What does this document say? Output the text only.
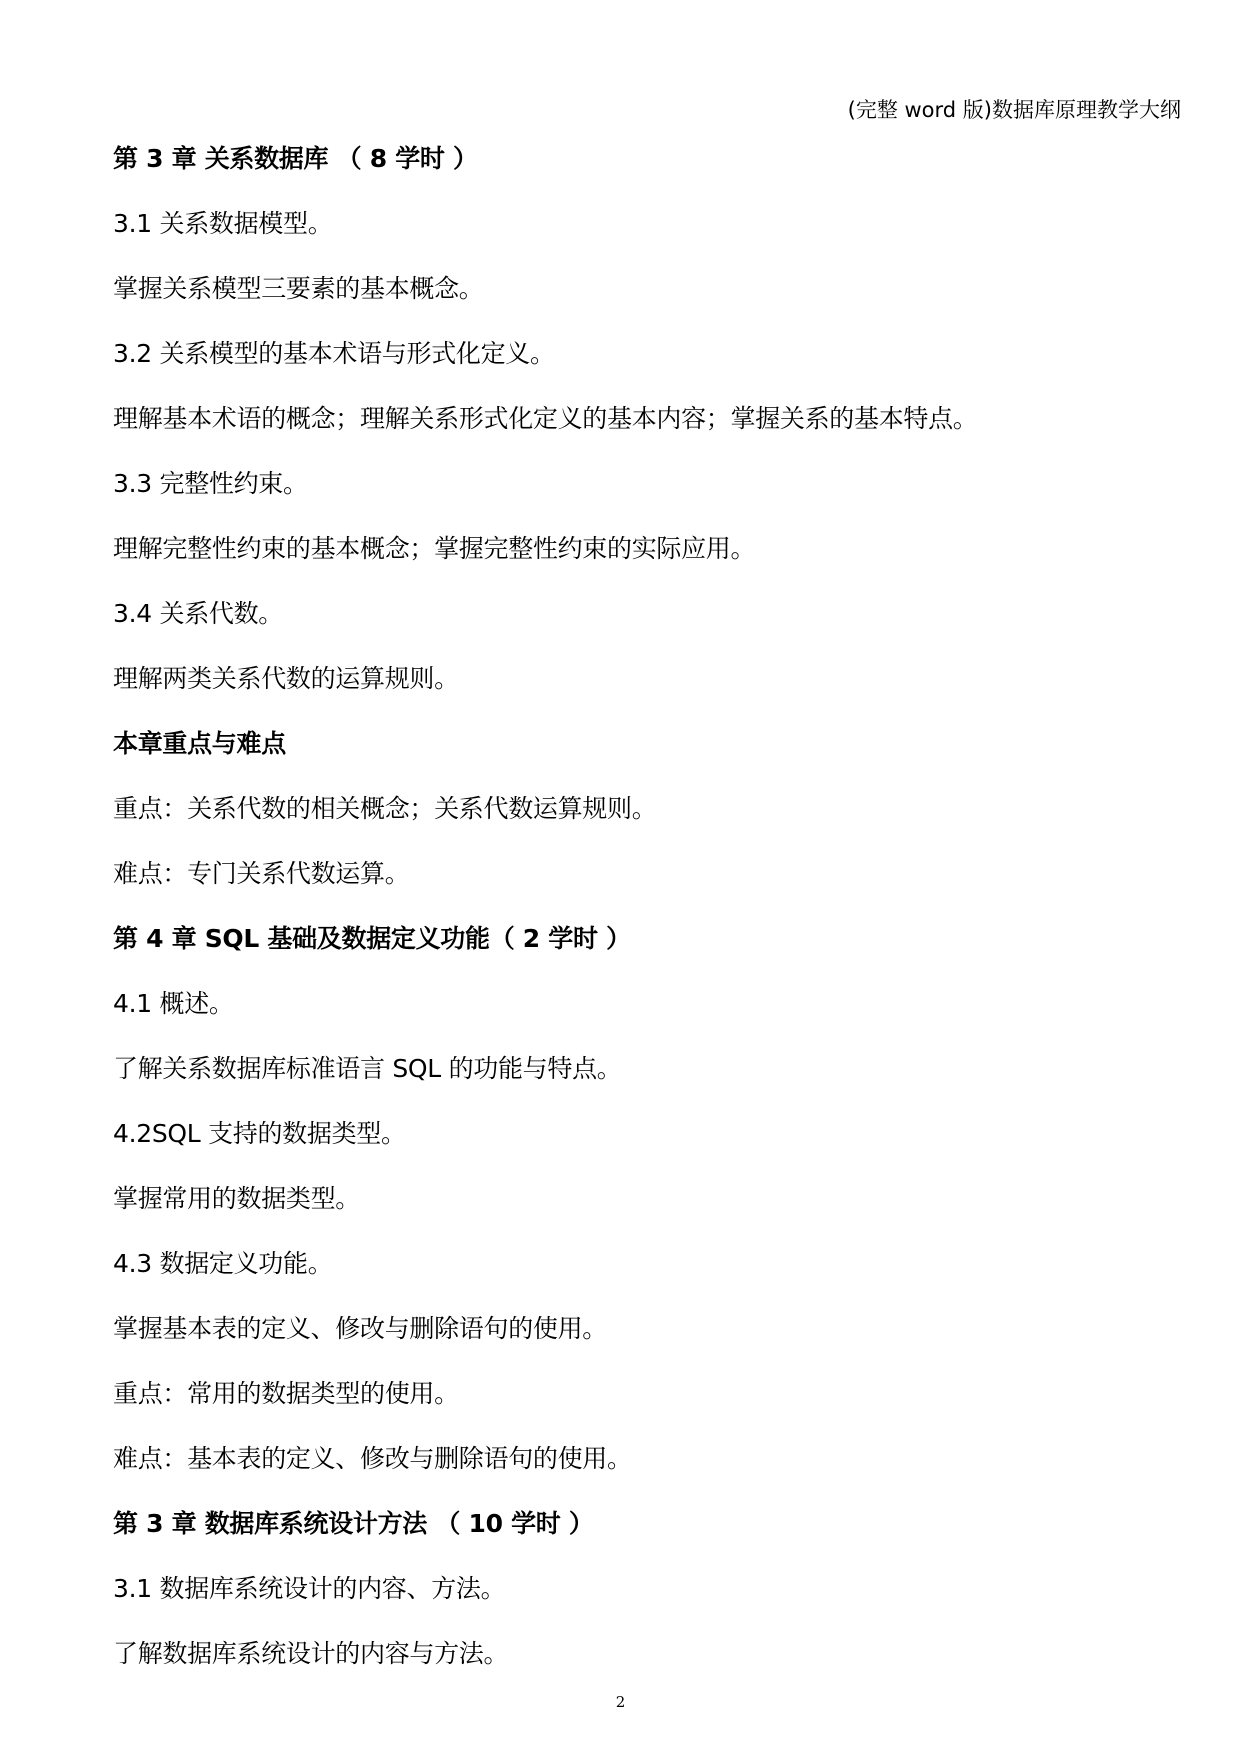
(完整 word 版)数据库原理教学大纲
第 3 章 关系数据库 （ 8 学时 ）
3.1 关系数据模型。
掌握关系模型三要素的基本概念。
3.2 关系模型的基本术语与形式化定义。
理解基本术语的概念；理解关系形式化定义的基本内容；掌握关系的基本特点。
3.3 完整性约束。
理解完整性约束的基本概念；掌握完整性约束的实际应用。
3.4 关系代数。
理解两类关系代数的运算规则。
本章重点与难点
重点：关系代数的相关概念；关系代数运算规则。
难点：专门关系代数运算。
第 4 章 SQL 基础及数据定义功能（ 2 学时 ）
4.1 概述。
了解关系数据库标准语言 SQL 的功能与特点。
4.2SQL 支持的数据类型。
掌握常用的数据类型。
4.3 数据定义功能。
掌握基本表的定义、修改与删除语句的使用。
重点：常用的数据类型的使用。
难点：基本表的定义、修改与删除语句的使用。
第 3 章 数据库系统设计方法 （ 10 学时 ）
3.1 数据库系统设计的内容、方法。
了解数据库系统设计的内容与方法。
2
